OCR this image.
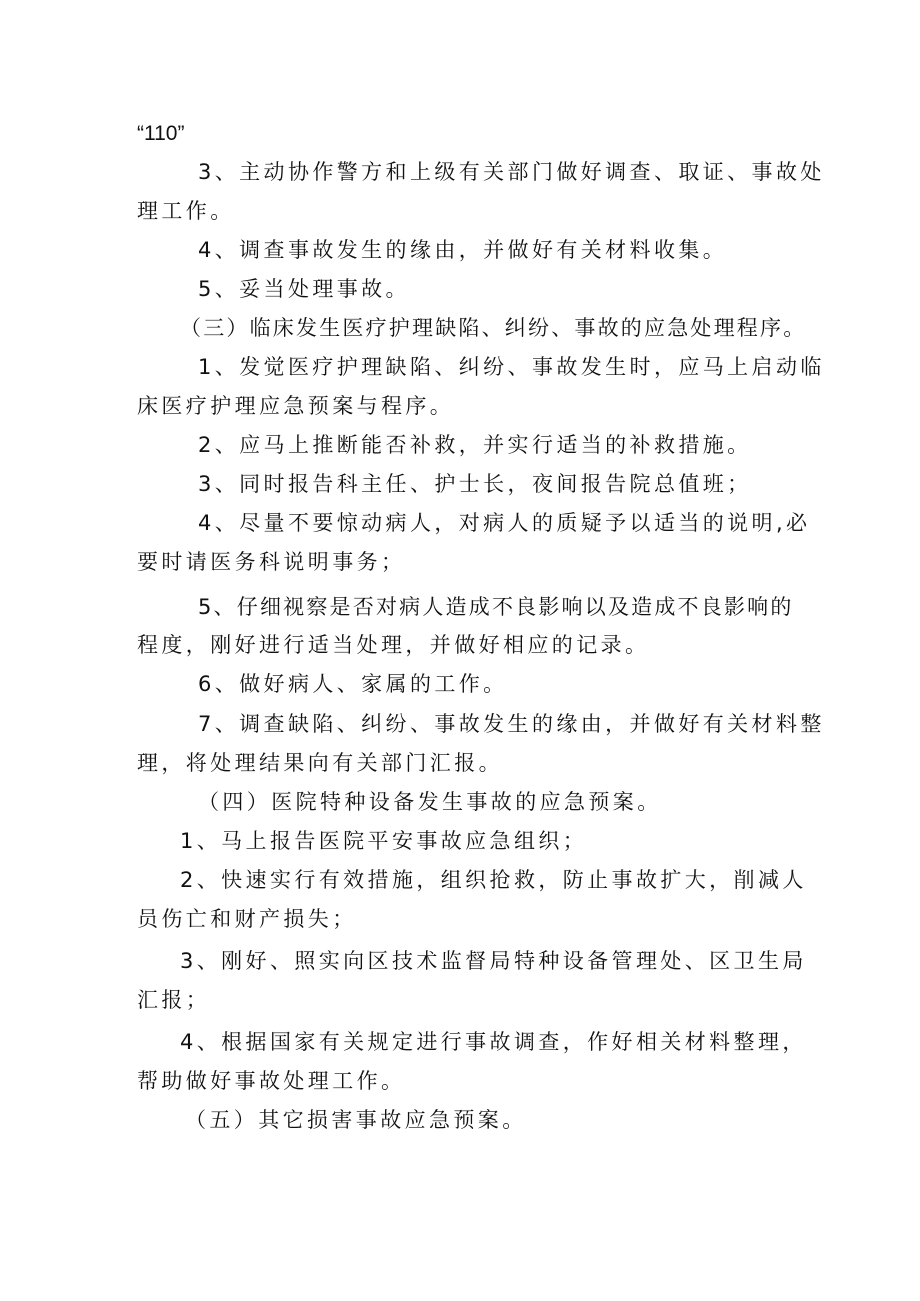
“110”
3、主动协作警方和上级有关部门做好调查、取证、事故处
理工作。
4、调查事故发生的缘由，并做好有关材料收集。
5、妥当处理事故。
（三）临床发生医疗护理缺陷、纠纷、事故的应急处理程序。
1、发觉医疗护理缺陷、纠纷、事故发生时，应马上启动临
床医疗护理应急预案与程序。
2、应马上推断能否补救，并实行适当的补救措施。
3、同时报告科主任、护士长，夜间报告院总值班；
4、尽量不要惊动病人，对病人的质疑予以适当的说明,必
要时请医务科说明事务；
5、仔细视察是否对病人造成不良影响以及造成不良影响的
程度，刚好进行适当处理，并做好相应的记录。
6、做好病人、家属的工作。
7、调查缺陷、纠纷、事故发生的缘由，并做好有关材料整
理，将处理结果向有关部门汇报。
（四）医院特种设备发生事故的应急预案。
1、马上报告医院平安事故应急组织；
2、快速实行有效措施，组织抢救，防止事故扩大，削减人
员伤亡和财产损失；
3、刚好、照实向区技术监督局特种设备管理处、区卫生局
汇报；
4、根据国家有关规定进行事故调查，作好相关材料整理，
帮助做好事故处理工作。
（五）其它损害事故应急预案。
